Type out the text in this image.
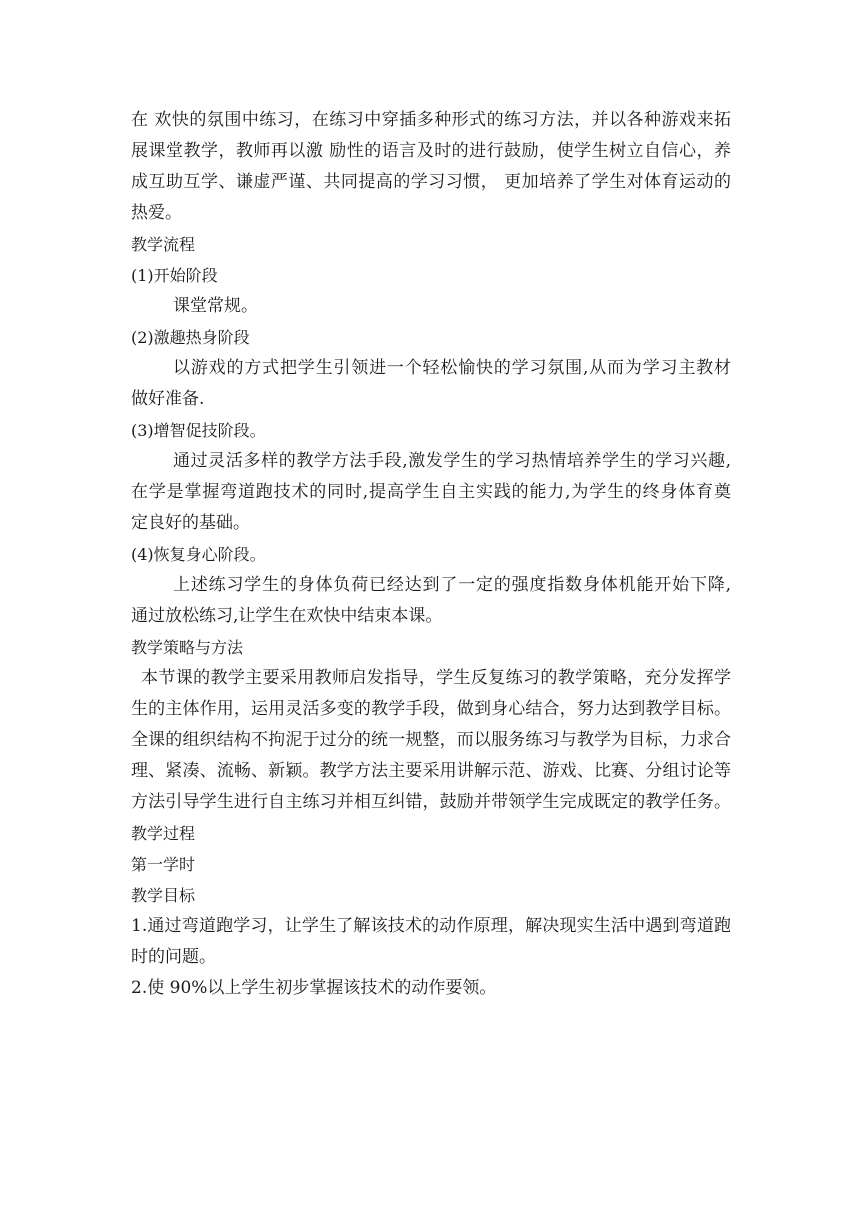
在 欢快的氛围中练习，在练习中穿插多种形式的练习方法，并以各种游戏来拓
展课堂教学，教师再以激 励性的语言及时的进行鼓励，使学生树立自信心，养
成互助互学、谦虚严谨、共同提高的学习习惯， 更加培养了学生对体育运动的
热爱。
教学流程
(1)开始阶段
课堂常规。
(2)激趣热身阶段
以游戏的方式把学生引领进一个轻松愉快的学习氛围,从而为学习主教材
做好准备.
(3)增智促技阶段。
通过灵活多样的教学方法手段,激发学生的学习热情培养学生的学习兴趣,
在学是掌握弯道跑技术的同时,提高学生自主实践的能力,为学生的终身体育奠
定良好的基础。
(4)恢复身心阶段。
上述练习学生的身体负荷已经达到了一定的强度指数身体机能开始下降,
通过放松练习,让学生在欢快中结束本课。
教学策略与方法
本节课的教学主要采用教师启发指导，学生反复练习的教学策略，充分发挥学
生的主体作用，运用灵活多变的教学手段，做到身心结合，努力达到教学目标。
全课的组织结构不拘泥于过分的统一规整，而以服务练习与教学为目标，力求合
理、紧凑、流畅、新颖。教学方法主要采用讲解示范、游戏、比赛、分组讨论等
方法引导学生进行自主练习并相互纠错，鼓励并带领学生完成既定的教学任务。
教学过程
第一学时
教学目标
1.通过弯道跑学习，让学生了解该技术的动作原理，解决现实生活中遇到弯道跑
时的问题。
2.使 90%以上学生初步掌握该技术的动作要领。
